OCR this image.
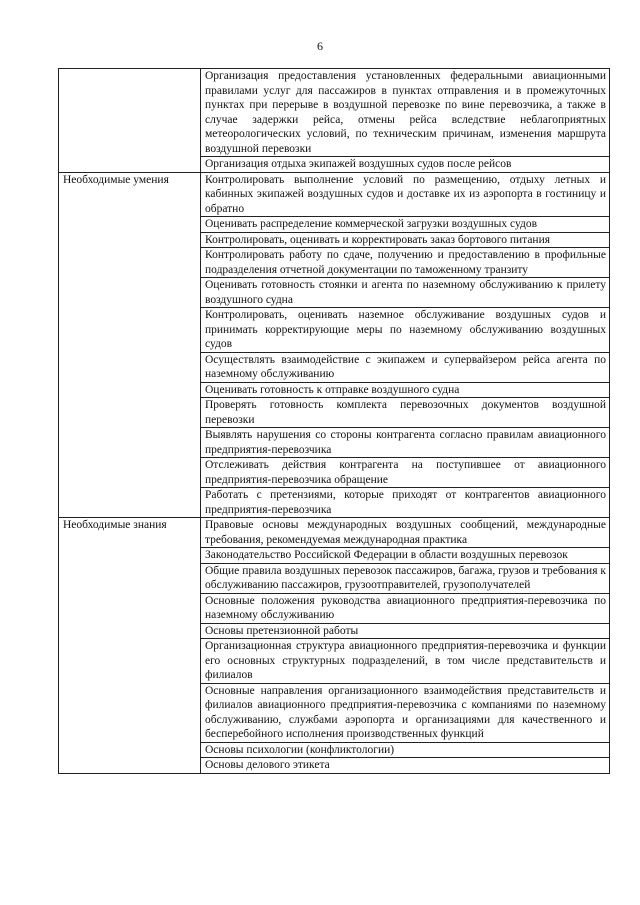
6
	Организация предоставления установленных федеральными авиационными правилами услуг для пассажиров в пунктах отправления и в промежуточных пунктах при перерыве в воздушной перевозке по вине перевозчика, а также в случае задержки рейса, отмены рейса вследствие неблагоприятных метеорологических условий, по техническим причинам, изменения маршрута воздушной перевозки
	Организация отдыха экипажей воздушных судов после рейсов
Необходимые умения	Контролировать выполнение условий по размещению, отдыху летных и кабинных экипажей воздушных судов и доставке их из аэропорта в гостиницу и обратно
	Оценивать распределение коммерческой загрузки воздушных судов
	Контролировать, оценивать и корректировать заказ бортового питания
	Контролировать работу по сдаче, получению и предоставлению в профильные подразделения отчетной документации по таможенному транзиту
	Оценивать готовность стоянки и агента по наземному обслуживанию к прилету воздушного судна
	Контролировать, оценивать наземное обслуживание воздушных судов и принимать корректирующие меры по наземному обслуживанию воздушных судов
	Осуществлять взаимодействие с экипажем и супервайзером рейса агента по наземному обслуживанию
	Оценивать готовность к отправке воздушного судна
	Проверять готовность комплекта перевозочных документов воздушной перевозки
	Выявлять нарушения со стороны контрагента согласно правилам авиационного предприятия-перевозчика
	Отслеживать действия контрагента на поступившее от авиационного предприятия-перевозчика обращение
	Работать с претензиями, которые приходят от контрагентов авиационного предприятия-перевозчика
Необходимые знания	Правовые основы международных воздушных сообщений, международные требования, рекомендуемая международная практика
	Законодательство Российской Федерации в области воздушных перевозок
	Общие правила воздушных перевозок пассажиров, багажа, грузов и требования к обслуживанию пассажиров, грузоотправителей, грузополучателей
	Основные положения руководства авиационного предприятия-перевозчика по наземному обслуживанию
	Основы претензионной работы
	Организационная структура авиационного предприятия-перевозчика и функции его основных структурных подразделений, в том числе представительств и филиалов
	Основные направления организационного взаимодействия представительств и филиалов авиационного предприятия-перевозчика с компаниями по наземному обслуживанию, службами аэропорта и организациями для качественного и бесперебойного исполнения производственных функций
	Основы психологии (конфликтологии)
	Основы делового этикета
